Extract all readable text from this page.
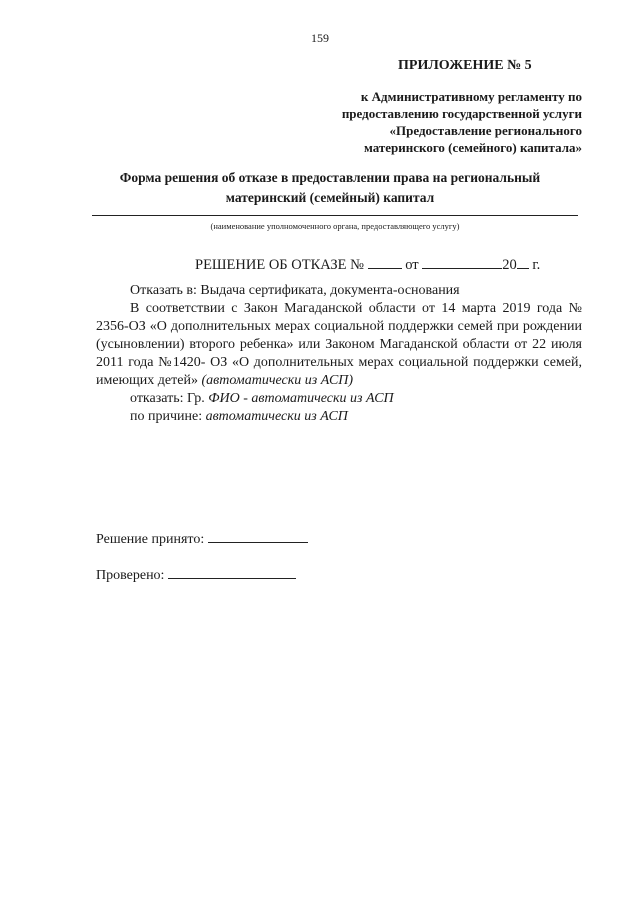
159
ПРИЛОЖЕНИЕ № 5
к Административному регламенту по
предоставлению государственной услуги
«Предоставление регионального
материнского (семейного) капитала»
Форма решения об отказе в предоставлении права на региональный
материнский (семейный) капитал
(наименование уполномоченного органа, предоставляющего услугу)
РЕШЕНИЕ ОБ ОТКАЗЕ №	от	20 г.

Отказать в: Выдача сертификата, документа-основания

В соответствии с Закон Магаданской области от 14 марта 2019 года № 2356-ОЗ «О дополнительных мерах социальной поддержки семей при рождении (усыновлении) второго ребенка» или Законом Магаданской области от 22 июля 2011 года №1420- ОЗ «О дополнительных мерах социальной поддержки семей, имеющих детей» (автоматически из АСП)

отказать: Гр. ФИО - автоматически из АСП

по причине: автоматически из АСП

Решение принято:
Проверено:
